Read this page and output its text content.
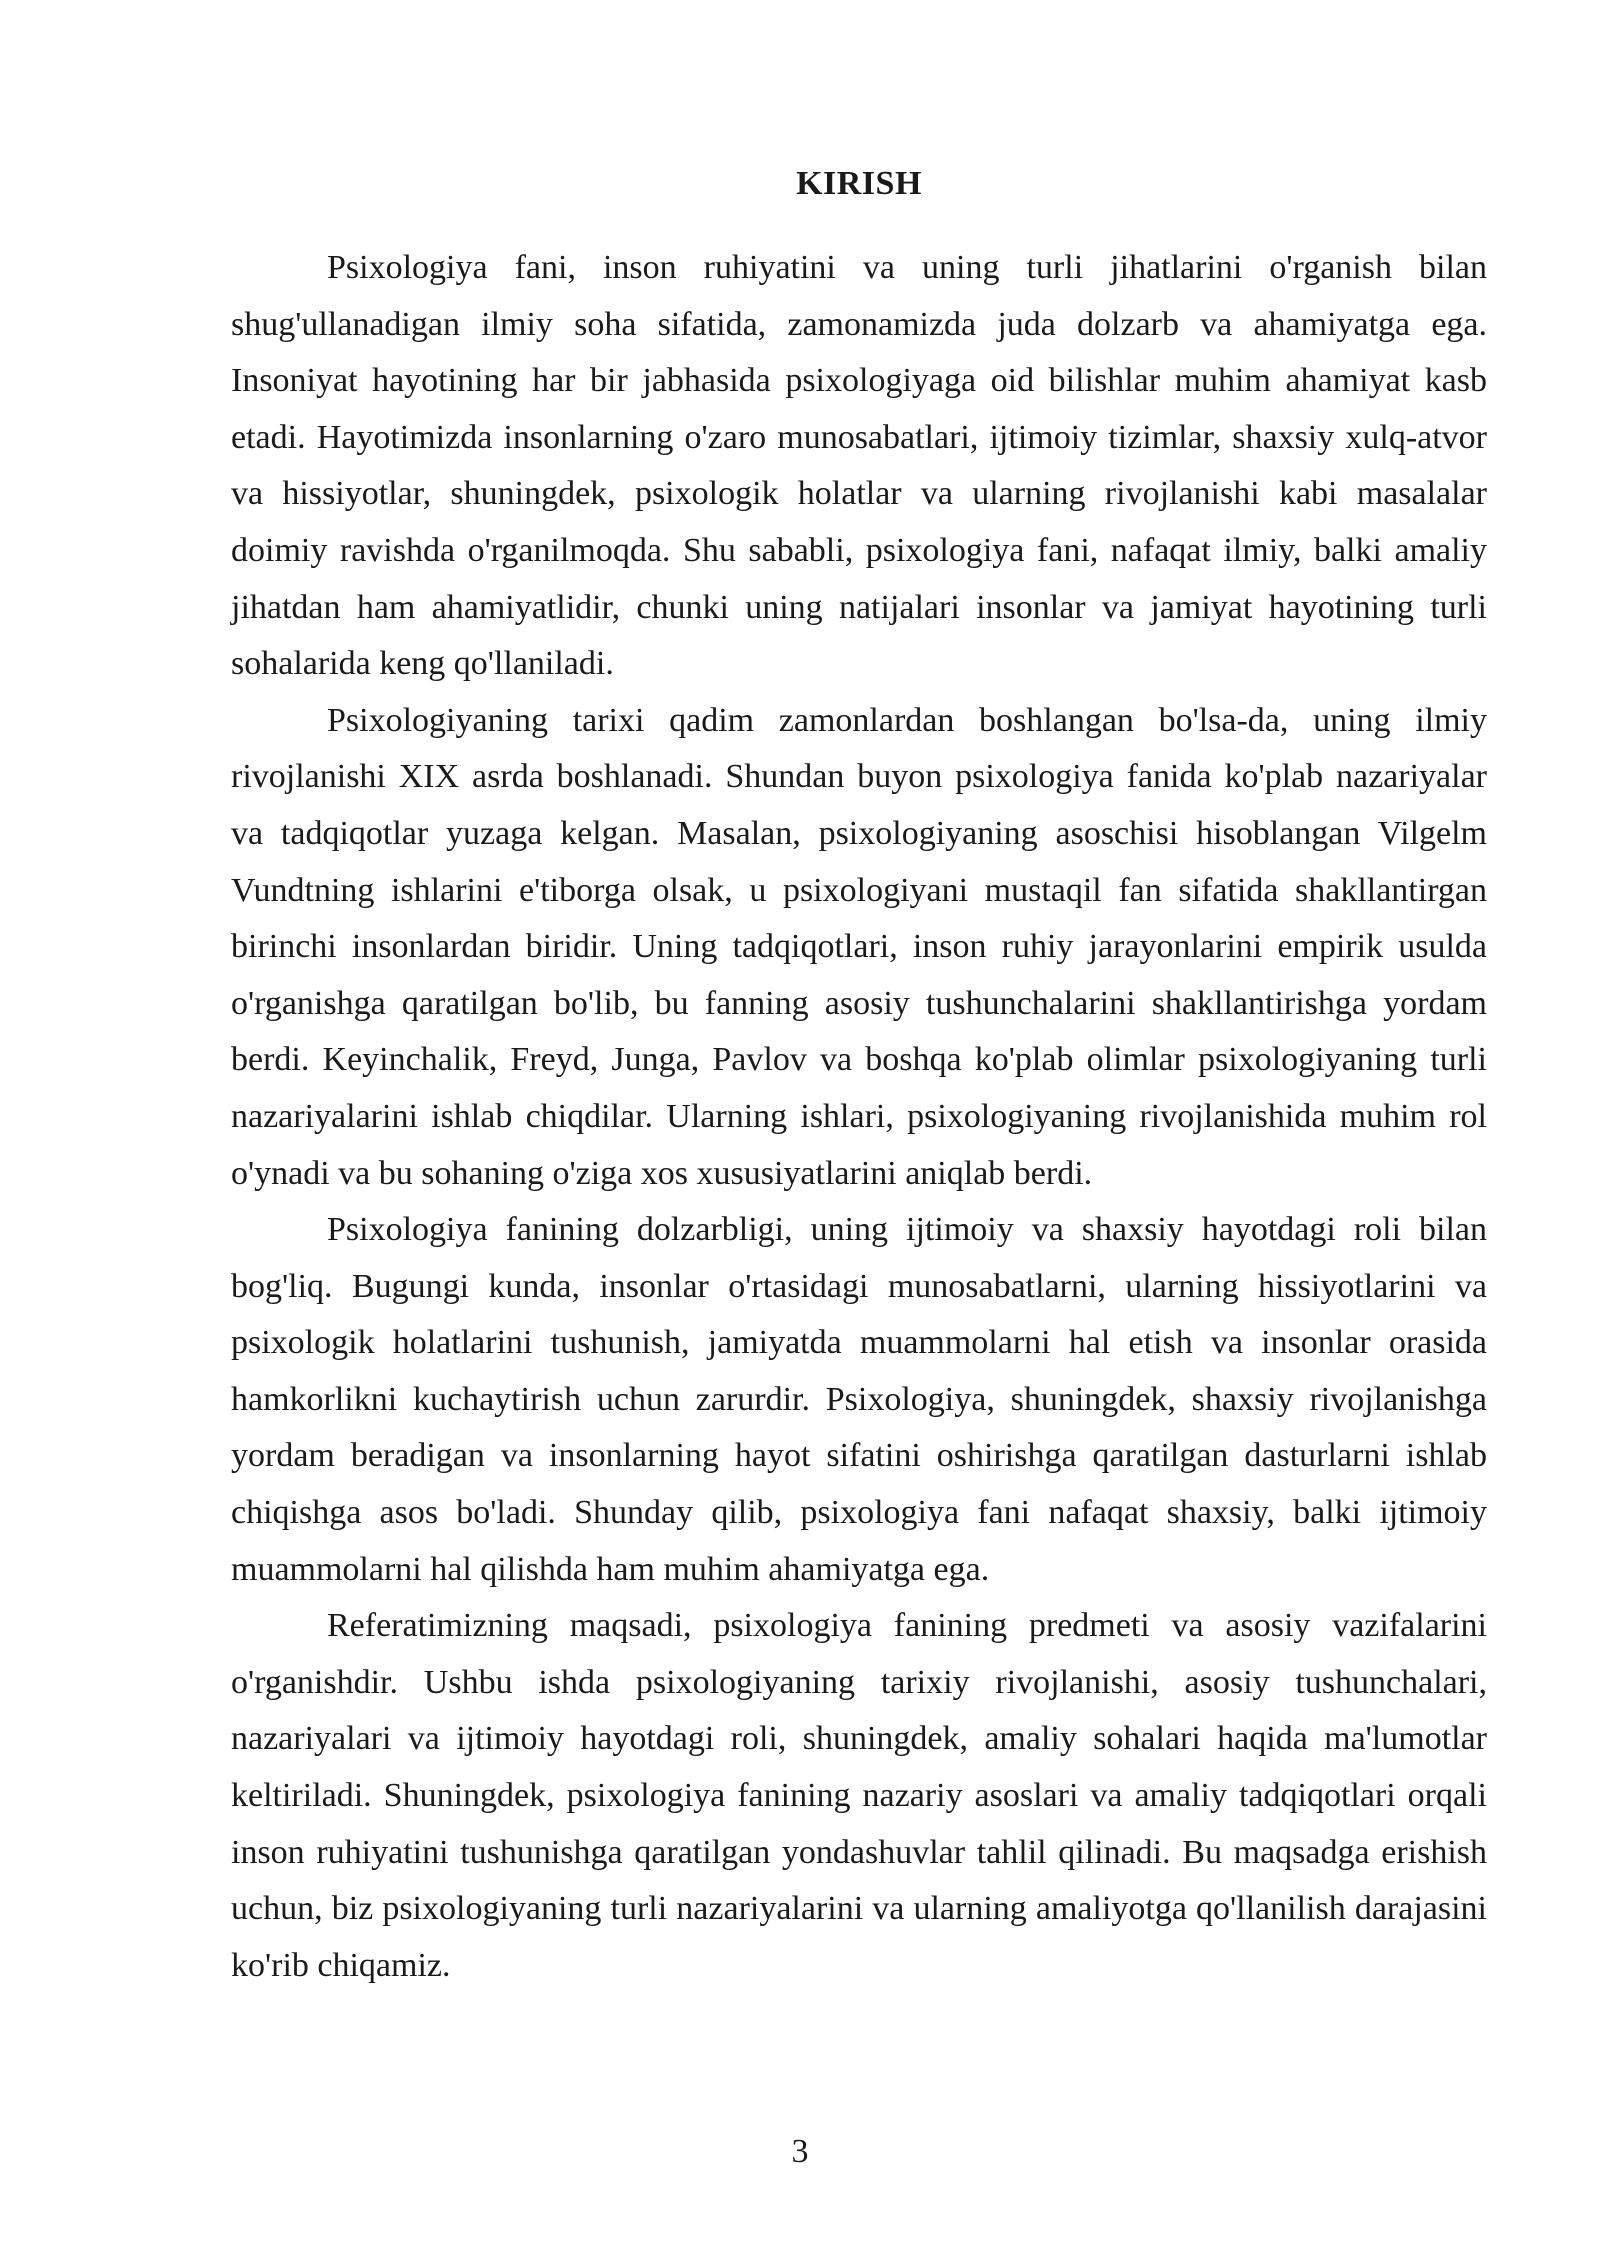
KIRISH

Psixologiya fani, inson ruhiyatini va uning turli jihatlarini o'rganish bilan shug'ullanadigan ilmiy soha sifatida, zamonamizda juda dolzarb va ahamiyatga ega. Insoniyat hayotining har bir jabhasida psixologiyaga oid bilishlar muhim ahamiyat kasb etadi. Hayotimizda insonlarning o'zaro munosabatlari, ijtimoiy tizimlar, shaxsiy xulq-atvor va hissiyotlar, shuningdek, psixologik holatlar va ularning rivojlanishi kabi masalalar doimiy ravishda o'rganilmoqda. Shu sababli, psixologiya fani, nafaqat ilmiy, balki amaliy jihatdan ham ahamiyatlidir, chunki uning natijalari insonlar va jamiyat hayotining turli sohalarida keng qo'llaniladi.

Psixologiyaning tarixi qadim zamonlardan boshlangan bo'lsa-da, uning ilmiy rivojlanishi XIX asrda boshlanadi. Shundan buyon psixologiya fanida ko'plab nazariyalar va tadqiqotlar yuzaga kelgan. Masalan, psixologiyaning asoschisi hisoblangan Vilgelm Vundtning ishlarini e'tiborga olsak, u psixologiyani mustaqil fan sifatida shakllantirgan birinchi insonlardan biridir. Uning tadqiqotlari, inson ruhiy jarayonlarini empirik usulda o'rganishga qaratilgan bo'lib, bu fanning asosiy tushunchalarini shakllantirishga yordam berdi. Keyinchalik, Freyd, Junga, Pavlov va boshqa ko'plab olimlar psixologiyaning turli nazariyalarini ishlab chiqdilar. Ularning ishlari, psixologiyaning rivojlanishida muhim rol o'ynadi va bu sohaning o'ziga xos xususiyatlarini aniqlab berdi.

Psixologiya fanining dolzarbligi, uning ijtimoiy va shaxsiy hayotdagi roli bilan bog'liq. Bugungi kunda, insonlar o'rtasidagi munosabatlarni, ularning hissiyotlarini va psixologik holatlarini tushunish, jamiyatda muammolarni hal etish va insonlar orasida hamkorlikni kuchaytirish uchun zarurdir. Psixologiya, shuningdek, shaxsiy rivojlanishga yordam beradigan va insonlarning hayot sifatini oshirishga qaratilgan dasturlarni ishlab chiqishga asos bo'ladi. Shunday qilib, psixologiya fani nafaqat shaxsiy, balki ijtimoiy muammolarni hal qilishda ham muhim ahamiyatga ega.

Referatimizning maqsadi, psixologiya fanining predmeti va asosiy vazifalarini o'rganishdir. Ushbu ishda psixologiyaning tarixiy rivojlanishi, asosiy tushunchalari, nazariyalari va ijtimoiy hayotdagi roli, shuningdek, amaliy sohalari haqida ma'lumotlar keltiriladi. Shuningdek, psixologiya fanining nazariy asoslari va amaliy tadqiqotlari orqali inson ruhiyatini tushunishga qaratilgan yondashuvlar tahlil qilinadi. Bu maqsadga erishish uchun, biz psixologiyaning turli nazariyalarini va ularning amaliyotga qo'llanilish darajasini ko'rib chiqamiz.

3
